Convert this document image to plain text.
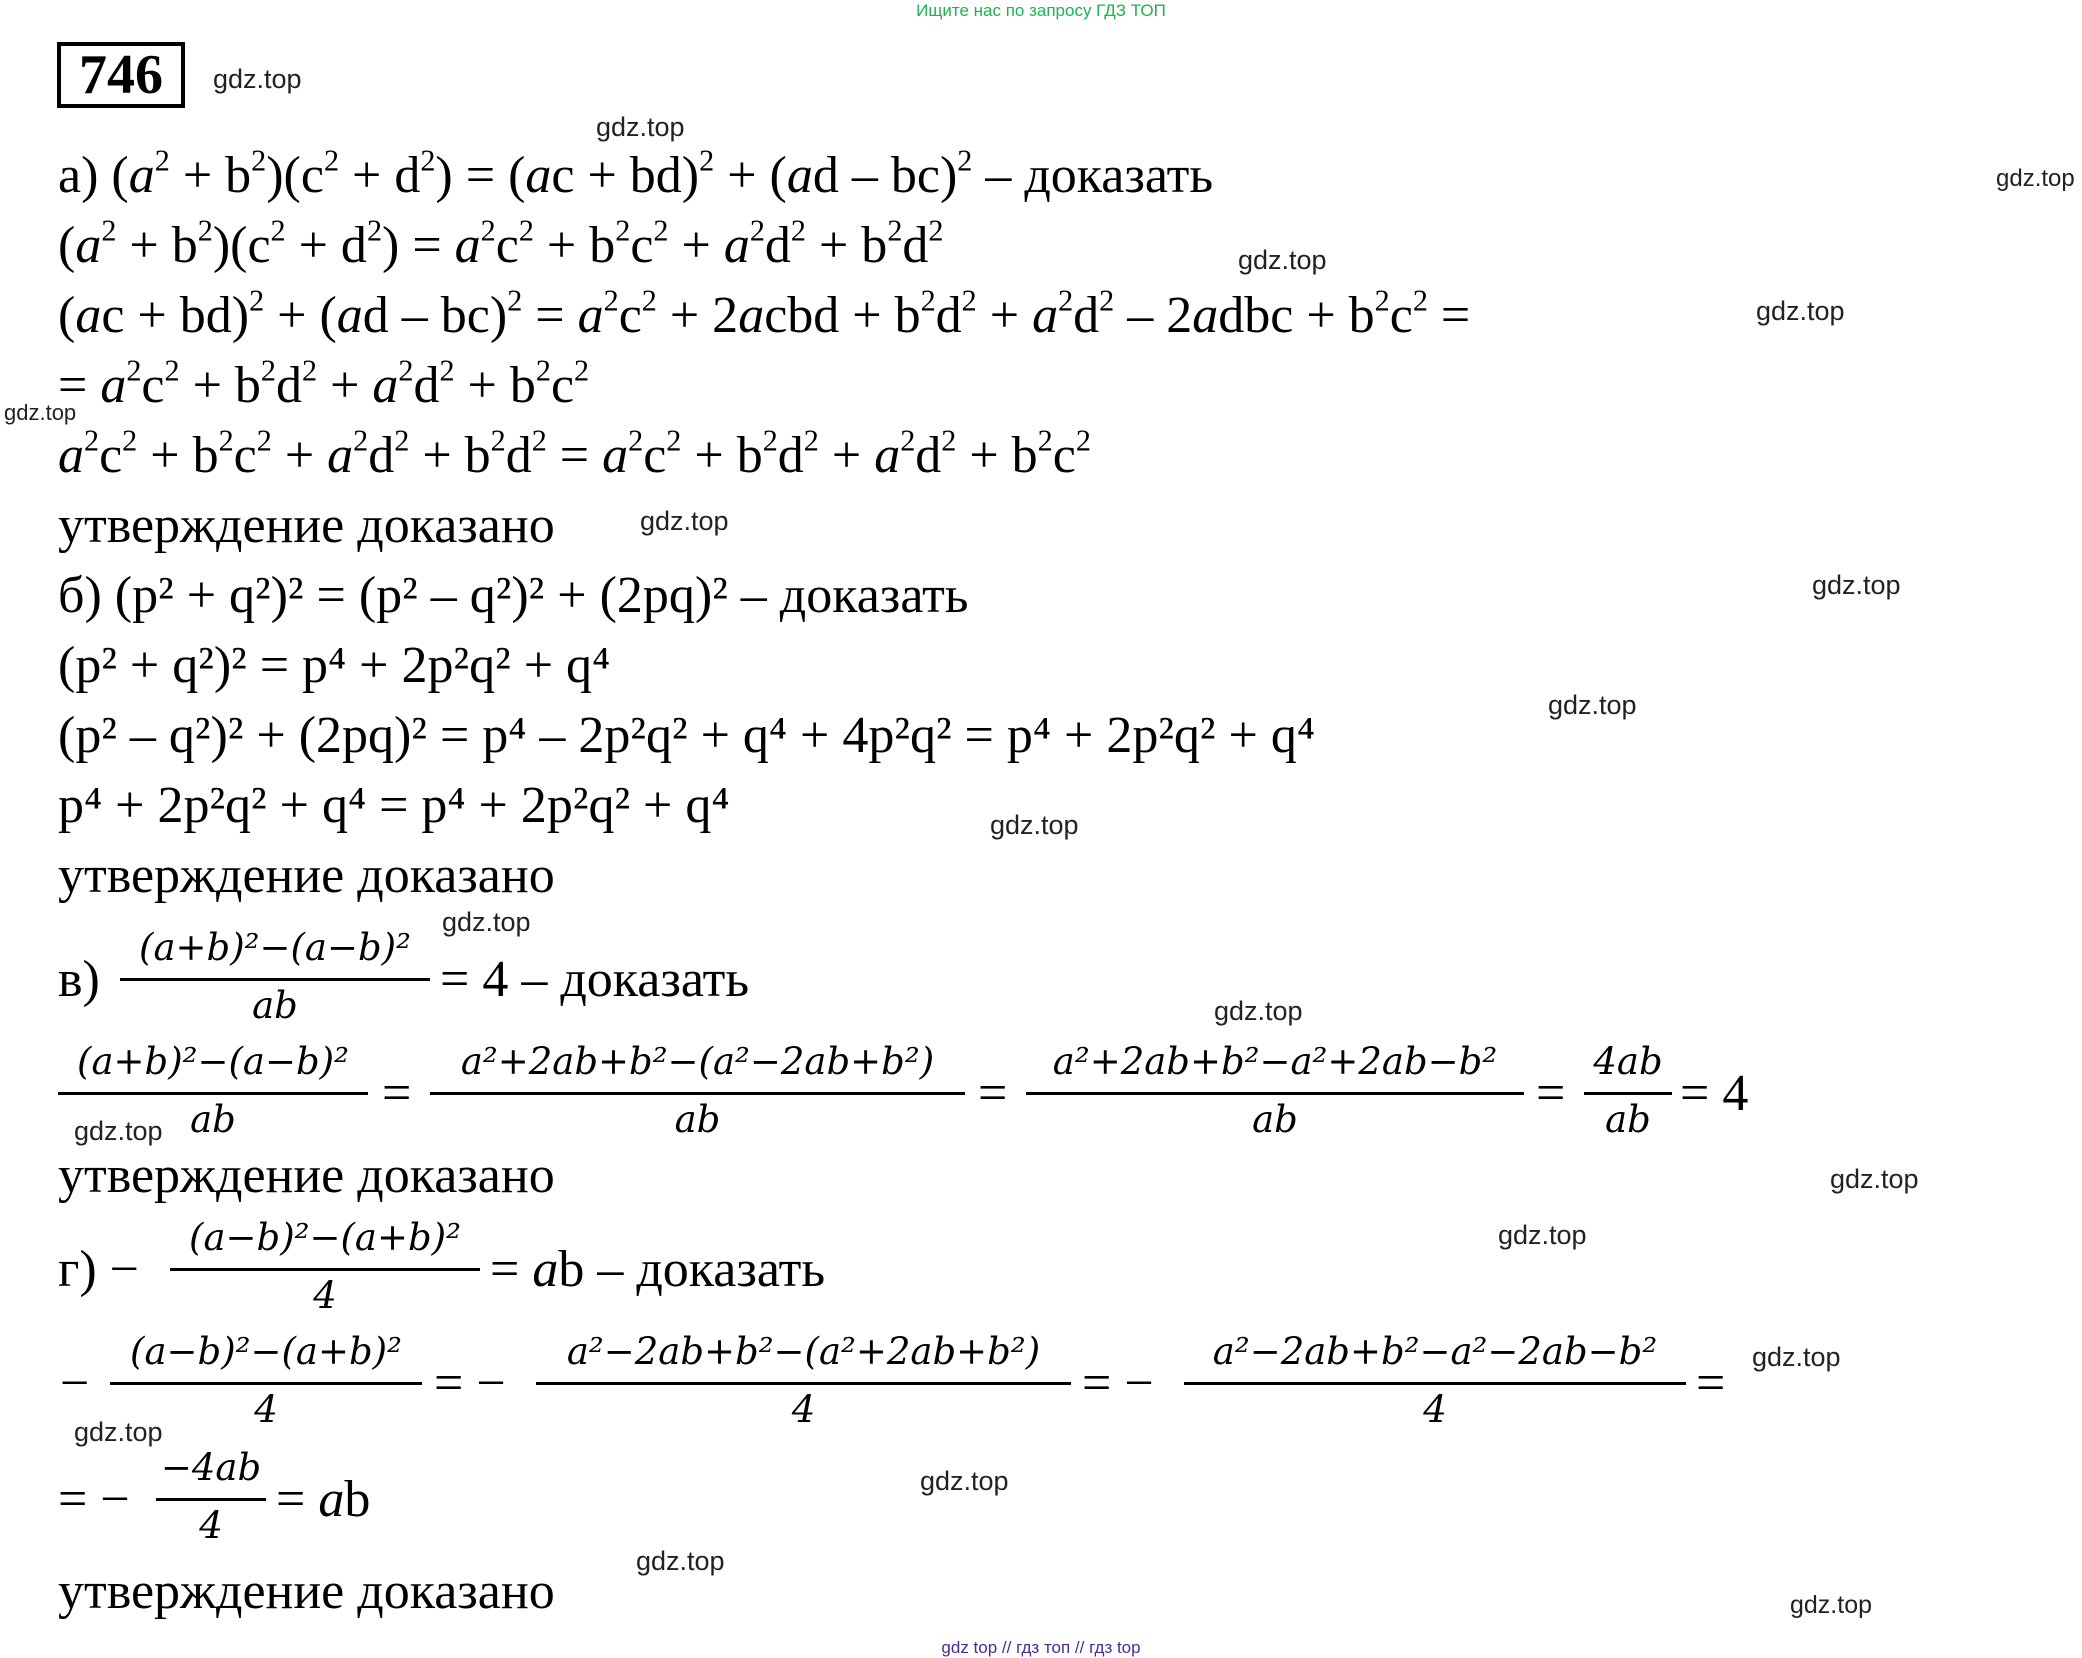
Ищите нас по запросу ГДЗ ТОП
746
а) $(a^2 + b^2)(c^2 + d^2) = (ac + bd)^2 + (ad - bc)^2$ – доказать
$(a^2 + b^2)(c^2 + d^2) = a^2c^2 + b^2c^2 + a^2d^2 + b^2d^2$
$(ac + bd)^2 + (ad - bc)^2 = a^2c^2$ + 2acbd + $b^2d^2 + a^2d^2$ – 2adbc + $b^2c^2$ =
= $a^2c^2 + b^2d^2 + a^2d^2 + b^2c^2$
$a^2c^2 + b^2c^2 + a^2d^2 + b^2d^2 = a^2c^2 + b^2d^2 + a^2d^2 + b^2c^2$
утверждение доказано
б) (p² + q²)² = (p² – q²)² + (2pq)² – доказать
(p² + q²)² = p⁴ + 2p²q² + q⁴
(p² – q²)² + (2pq)² = p⁴ – 2p²q² + q⁴ + 4p²q² = p⁴ + 2p²q² + q⁴
p⁴ + 2p²q² + q⁴ = p⁴ + 2p²q² + q⁴
утверждение доказано
в)
(a+b)²−(a−b)²
ab	= 4 – доказать
(a+b)²−(a−b)²
ab	=
a²+2ab+b²−(a²−2ab+b²)
ab	=
a²+2ab+b²−a²+2ab−b²
ab	=
4ab
ab = 4
утверждение доказано
г) −
(a−b)²−(a+b)²
4	= ab – доказать
−
(a−b)²−(a+b)²
4	= −
a²−2ab+b²−(a²+2ab+b²)
4	= −
a²−2ab+b²−a²−2ab−b²
4	=
= −
−4ab
4	= ab
утверждение доказано
gdz.top
gdz.top
gdz.top
gdz.top
gdz.top
gdz.top
gdz.top
gdz.top
gdz.top
gdz.top
gdz.top
gdz.top
gdz.top
gdz.top
gdz.top
gdz.top
gdz.top
gdz.top
gdz.top
gdz.top
gdz top // гдз топ // гдз top
